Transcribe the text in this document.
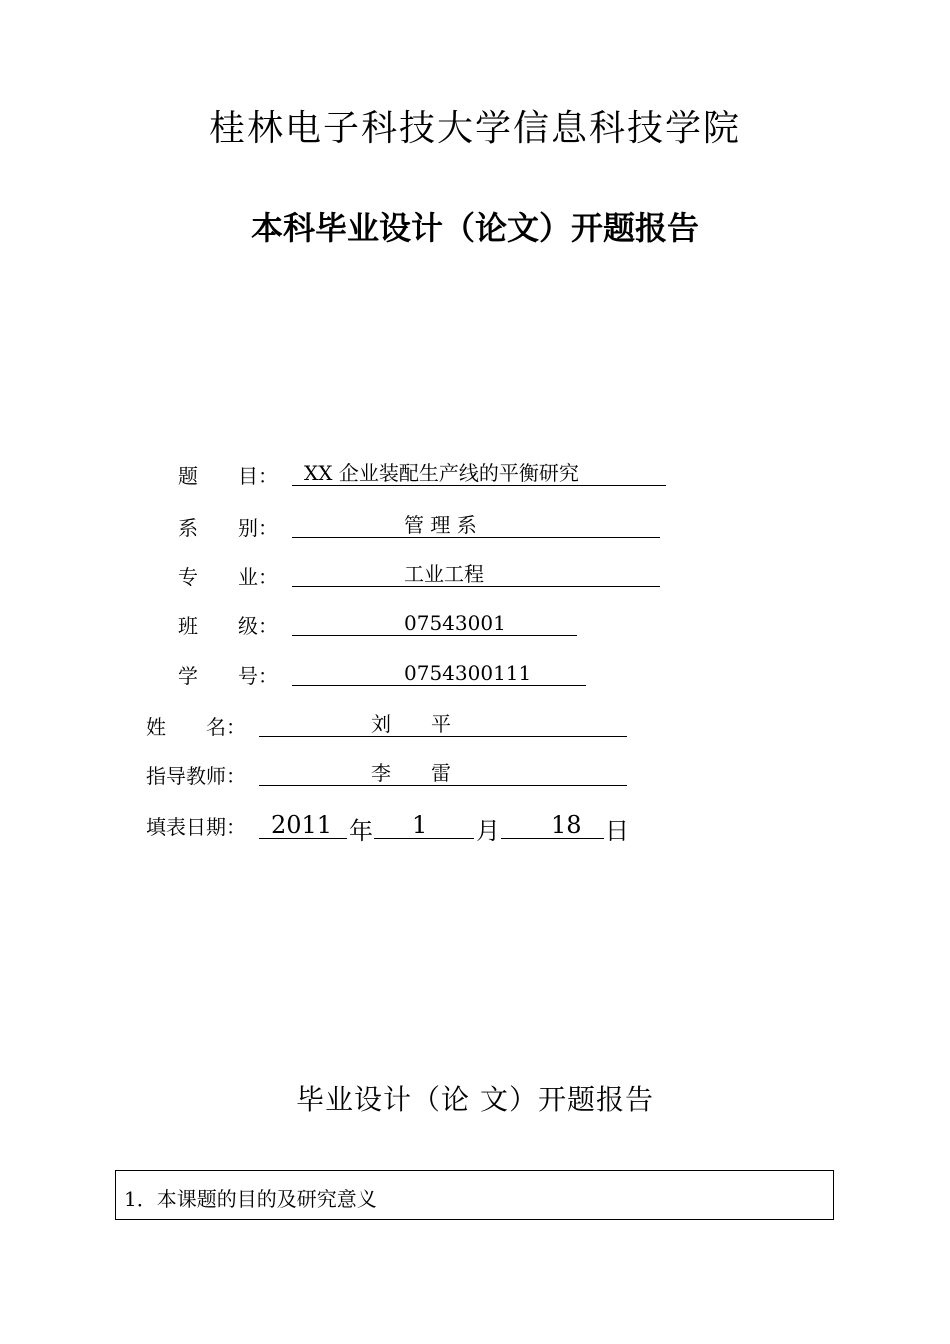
桂林电子科技大学信息科技学院
本科毕业设计（论文）开题报告
题　　目： XX 企业装配生产线的平衡研究
系　　别：	管 理 系
专　　业：	工业工程
班　　级：	07543001
学　　号：	0754300111
姓　　名：	刘　　平
指导教师：	李　　雷
填表日期： 2011 年 1 月 18 日
毕业设计（论 文）开题报告
1．本课题的目的及研究意义
